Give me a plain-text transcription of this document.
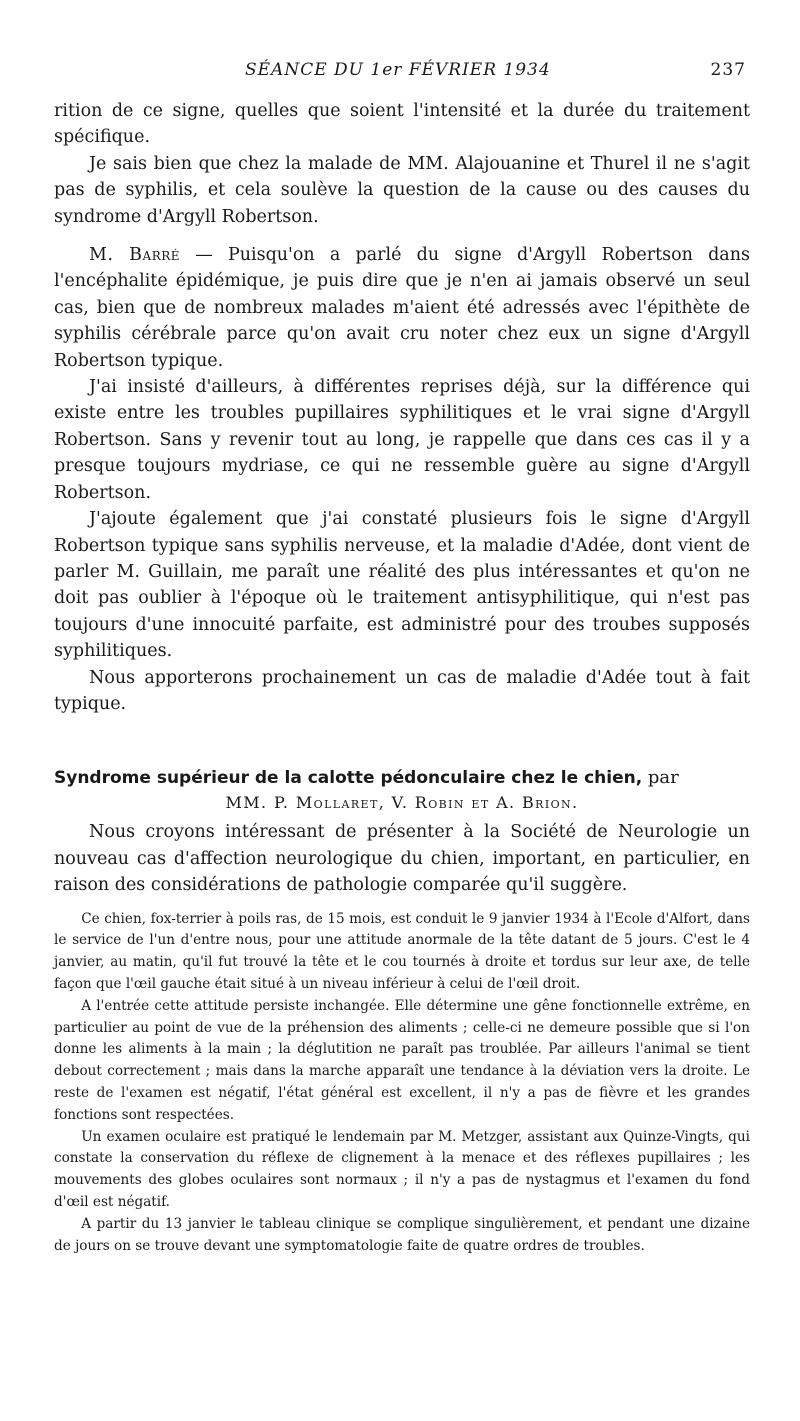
SÉANCE DU 1er FÉVRIER 1934	237

rition de ce signe, quelles que soient l'intensité et la durée du traitement spécifique.

Je sais bien que chez la malade de MM. Alajouanine et Thurel il ne s'agit pas de syphilis, et cela soulève la question de la cause ou des causes du syndrome d'Argyll Robertson.

M. Barré — Puisqu'on a parlé du signe d'Argyll Robertson dans l'encéphalite épidémique, je puis dire que je n'en ai jamais observé un seul cas, bien que de nombreux malades m'aient été adressés avec l'épithète de syphilis cérébrale parce qu'on avait cru noter chez eux un signe d'Argyll Robertson typique.

J'ai insisté d'ailleurs, à différentes reprises déjà, sur la différence qui existe entre les troubles pupillaires syphilitiques et le vrai signe d'Argyll Robertson. Sans y revenir tout au long, je rappelle que dans ces cas il y a presque toujours mydriase, ce qui ne ressemble guère au signe d'Argyll Robertson.

J'ajoute également que j'ai constaté plusieurs fois le signe d'Argyll Robertson typique sans syphilis nerveuse, et la maladie d'Adée, dont vient de parler M. Guillain, me paraît une réalité des plus intéressantes et qu'on ne doit pas oublier à l'époque où le traitement antisyphilitique, qui n'est pas toujours d'une innocuité parfaite, est administré pour des troubes supposés syphilitiques.

Nous apporterons prochainement un cas de maladie d'Adée tout à fait typique.

Syndrome supérieur de la calotte pédonculaire chez le chien, par

MM. P. Mollaret, V. Robin et A. Brion.

Nous croyons intéressant de présenter à la Société de Neurologie un nouveau cas d'affection neurologique du chien, important, en particulier, en raison des considérations de pathologie comparée qu'il suggère.

Ce chien, fox-terrier à poils ras, de 15 mois, est conduit le 9 janvier 1934 à l'Ecole d'Alfort, dans le service de l'un d'entre nous, pour une attitude anormale de la tête datant de 5 jours. C'est le 4 janvier, au matin, qu'il fut trouvé la tête et le cou tournés à droite et tordus sur leur axe, de telle façon que l'œil gauche était situé à un niveau inférieur à celui de l'œil droit.

A l'entrée cette attitude persiste inchangée. Elle détermine une gêne fonctionnelle extrême, en particulier au point de vue de la préhension des aliments ; celle-ci ne demeure possible que si l'on donne les aliments à la main ; la déglutition ne paraît pas troublée. Par ailleurs l'animal se tient debout correctement ; mais dans la marche apparaît une tendance à la déviation vers la droite. Le reste de l'examen est négatif, l'état général est excellent, il n'y a pas de fièvre et les grandes fonctions sont respectées.

Un examen oculaire est pratiqué le lendemain par M. Metzger, assistant aux Quinze-Vingts, qui constate la conservation du réflexe de clignement à la menace et des réflexes pupillaires ; les mouvements des globes oculaires sont normaux ; il n'y a pas de nystagmus et l'examen du fond d'œil est négatif.

A partir du 13 janvier le tableau clinique se complique singulièrement, et pendant une dizaine de jours on se trouve devant une symptomatologie faite de quatre ordres de troubles.
